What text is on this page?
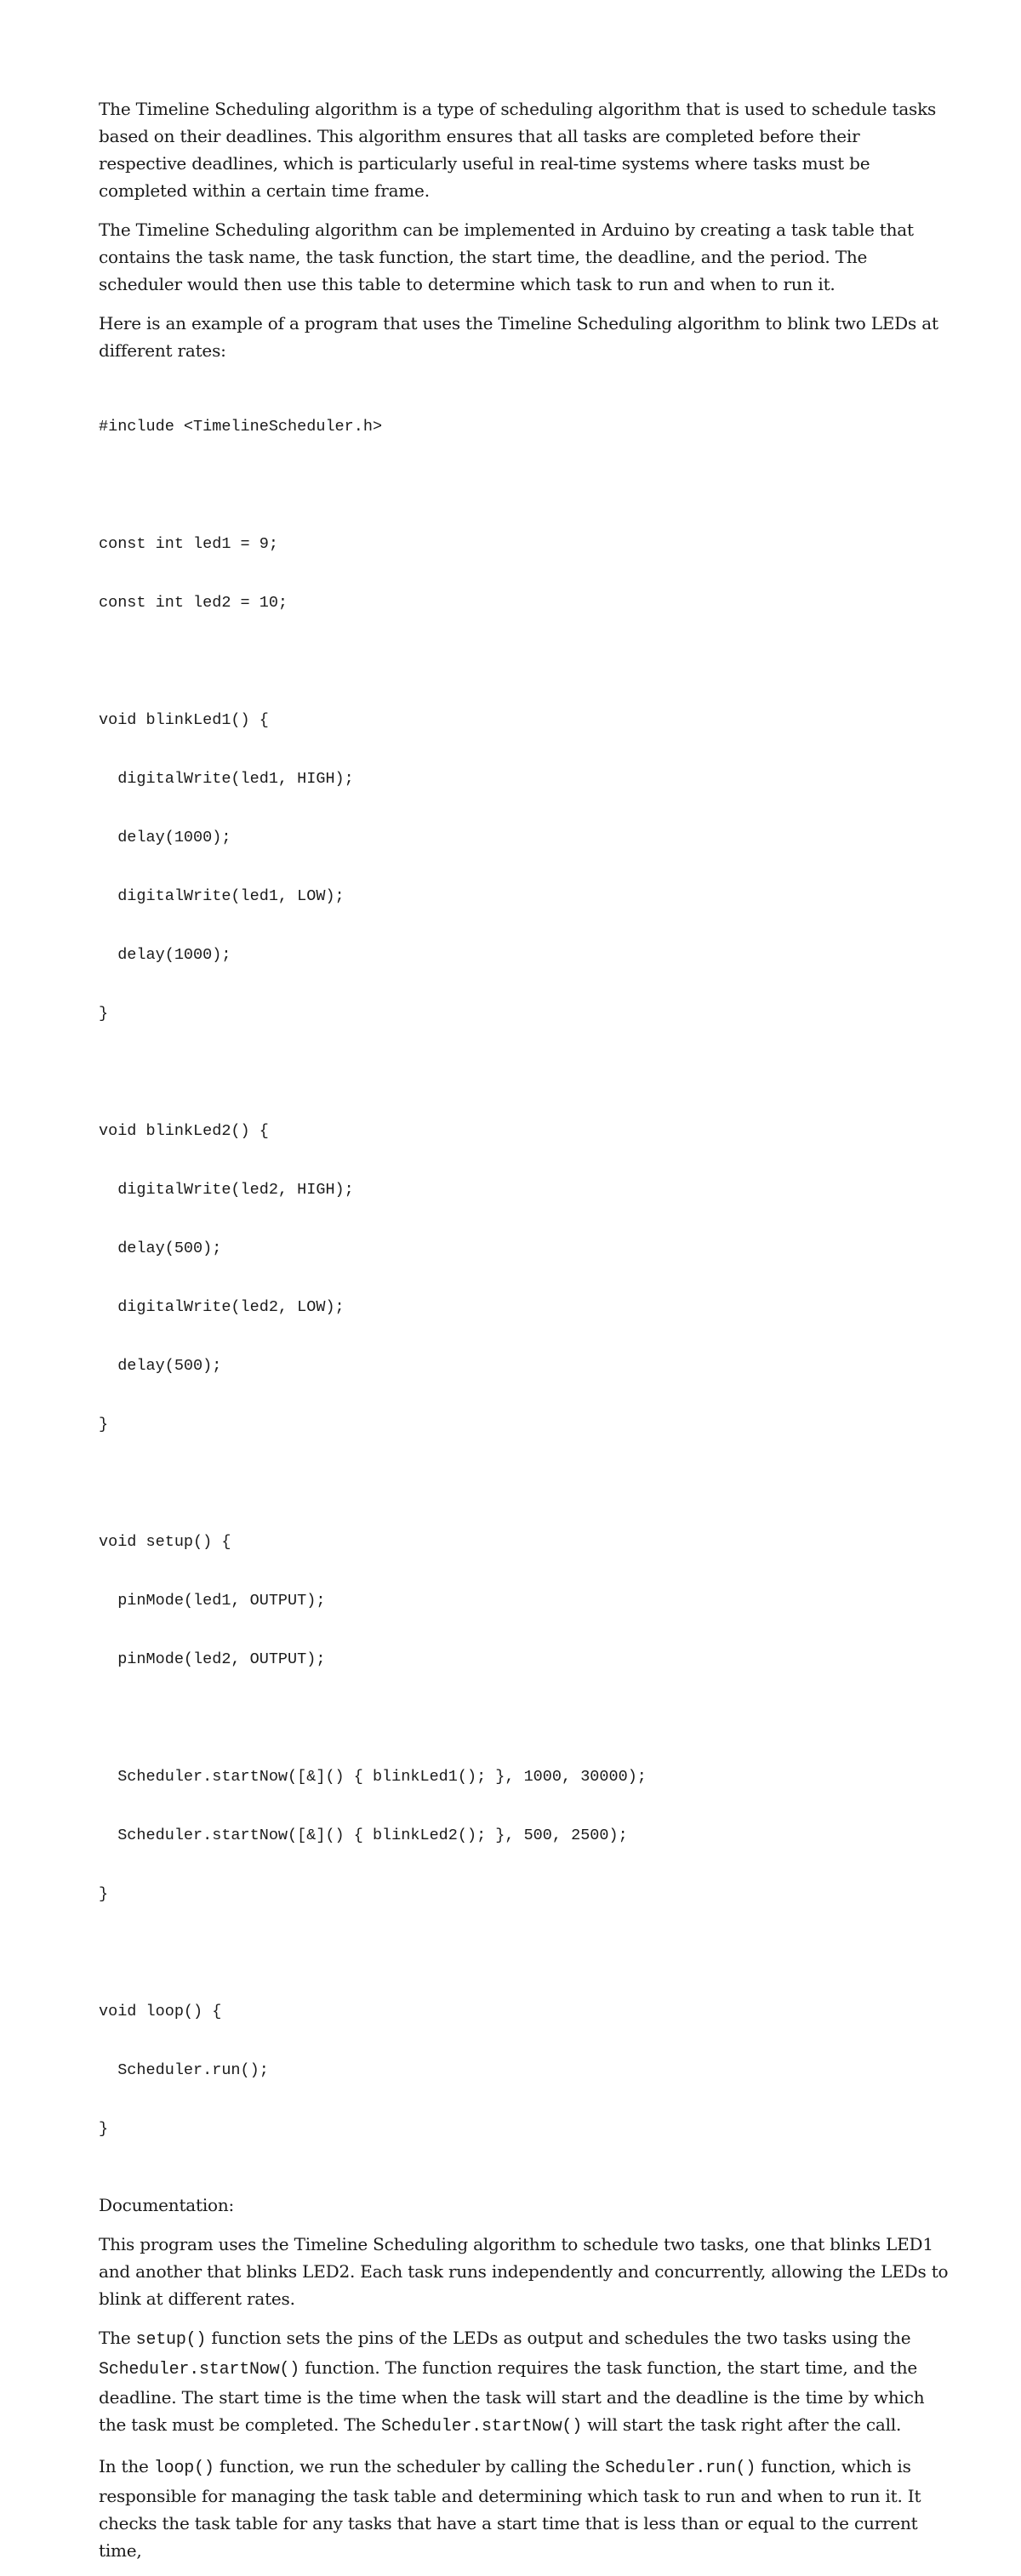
The Timeline Scheduling algorithm is a type of scheduling algorithm that is used to schedule tasks based on their deadlines. This algorithm ensures that all tasks are completed before their respective deadlines, which is particularly useful in real-time systems where tasks must be completed within a certain time frame.

The Timeline Scheduling algorithm can be implemented in Arduino by creating a task table that contains the task name, the task function, the start time, the deadline, and the period. The scheduler would then use this table to determine which task to run and when to run it.

Here is an example of a program that uses the Timeline Scheduling algorithm to blink two LEDs at different rates:

#include <TimelineScheduler.h>

const int led1 = 9;

const int led2 = 10;

void blinkLed1() {

digitalWrite(led1, HIGH);

delay(1000);

digitalWrite(led1, LOW);

delay(1000);

}

void blinkLed2() {

digitalWrite(led2, HIGH);

delay(500);

digitalWrite(led2, LOW);

delay(500);

}

void setup() {

pinMode(led1, OUTPUT);

pinMode(led2, OUTPUT);

Scheduler.startNow([&]() { blinkLed1(); }, 1000, 30000);

Scheduler.startNow([&]() { blinkLed2(); }, 500, 2500);

}

void loop() {

Scheduler.run();

}

Documentation:

This program uses the Timeline Scheduling algorithm to schedule two tasks, one that blinks LED1 and another that blinks LED2. Each task runs independently and concurrently, allowing the LEDs to blink at different rates.

The setup() function sets the pins of the LEDs as output and schedules the two tasks using the Scheduler.startNow() function. The function requires the task function, the start time, and the deadline. The start time is the time when the task will start and the deadline is the time by which the task must be completed. The Scheduler.startNow() will start the task right after the call.

In the loop() function, we run the scheduler by calling the Scheduler.run() function, which is responsible for managing the task table and determining which task to run and when to run it. It checks the task table for any tasks that have a start time that is less than or equal to the current time,
